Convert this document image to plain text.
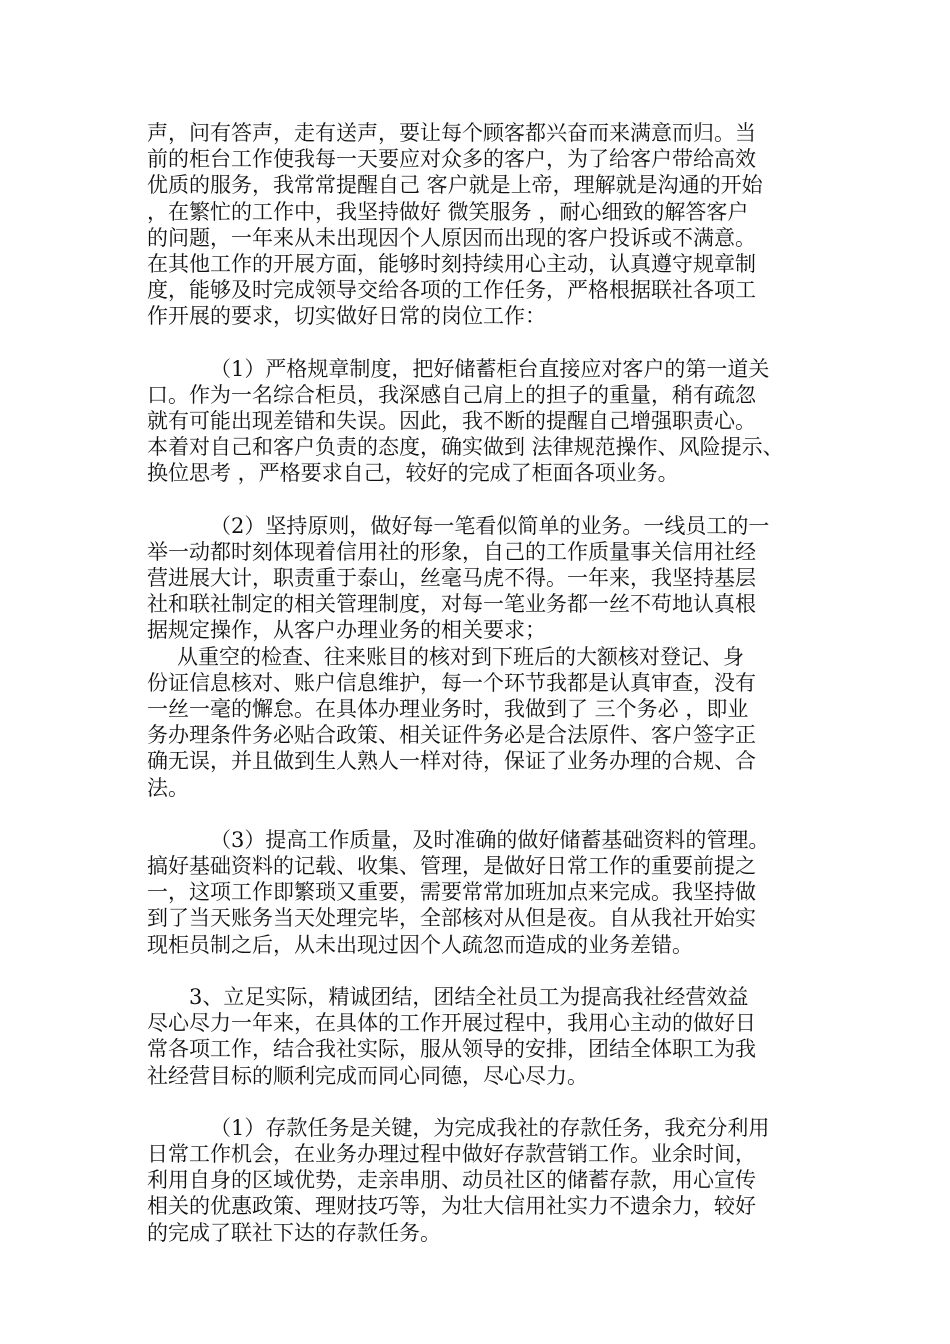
声，问有答声，走有送声，要让每个顾客都兴奋而来满意而归。当
前的柜台工作使我每一天要应对众多的客户，为了给客户带给高效
优质的服务，我常常提醒自己 客户就是上帝，理解就是沟通的开始
，在繁忙的工作中，我坚持做好 微笑服务 ，耐心细致的解答客户
的问题，一年来从未出现因个人原因而出现的客户投诉或不满意。
在其他工作的开展方面，能够时刻持续用心主动，认真遵守规章制
度，能够及时完成领导交给各项的工作任务，严格根据联社各项工
作开展的要求，切实做好日常的岗位工作：

（1）严格规章制度，把好储蓄柜台直接应对客户的第一道关
口。作为一名综合柜员，我深感自己肩上的担子的重量，稍有疏忽
就有可能出现差错和失误。因此，我不断的提醒自己增强职责心。
本着对自己和客户负责的态度，确实做到 法律规范操作、风险提示、
换位思考 ，严格要求自己，较好的完成了柜面各项业务。

（2）坚持原则，做好每一笔看似简单的业务。一线员工的一
举一动都时刻体现着信用社的形象，自己的工作质量事关信用社经
营进展大计，职责重于泰山，丝毫马虎不得。一年来，我坚持基层
社和联社制定的相关管理制度，对每一笔业务都一丝不苟地认真根
据规定操作，从客户办理业务的相关要求；

从重空的检查、往来账目的核对到下班后的大额核对登记、身
份证信息核对、账户信息维护，每一个环节我都是认真审查，没有
一丝一毫的懈怠。在具体办理业务时，我做到了 三个务必 ，即业
务办理条件务必贴合政策、相关证件务必是合法原件、客户签字正
确无误，并且做到生人熟人一样对待，保证了业务办理的合规、合
法。

（3）提高工作质量，及时准确的做好储蓄基础资料的管理。
搞好基础资料的记载、收集、管理，是做好日常工作的重要前提之
一，这项工作即繁琐又重要，需要常常加班加点来完成。我坚持做
到了当天账务当天处理完毕，全部核对从但是夜。自从我社开始实
现柜员制之后，从未出现过因个人疏忽而造成的业务差错。

3、立足实际，精诚团结，团结全社员工为提高我社经营效益
尽心尽力一年来，在具体的工作开展过程中，我用心主动的做好日
常各项工作，结合我社实际，服从领导的安排，团结全体职工为我
社经营目标的顺利完成而同心同德，尽心尽力。

（1）存款任务是关键，为完成我社的存款任务，我充分利用
日常工作机会，在业务办理过程中做好存款营销工作。业余时间，
利用自身的区域优势，走亲串朋、动员社区的储蓄存款，用心宣传
相关的优惠政策、理财技巧等，为壮大信用社实力不遗余力，较好
的完成了联社下达的存款任务。
